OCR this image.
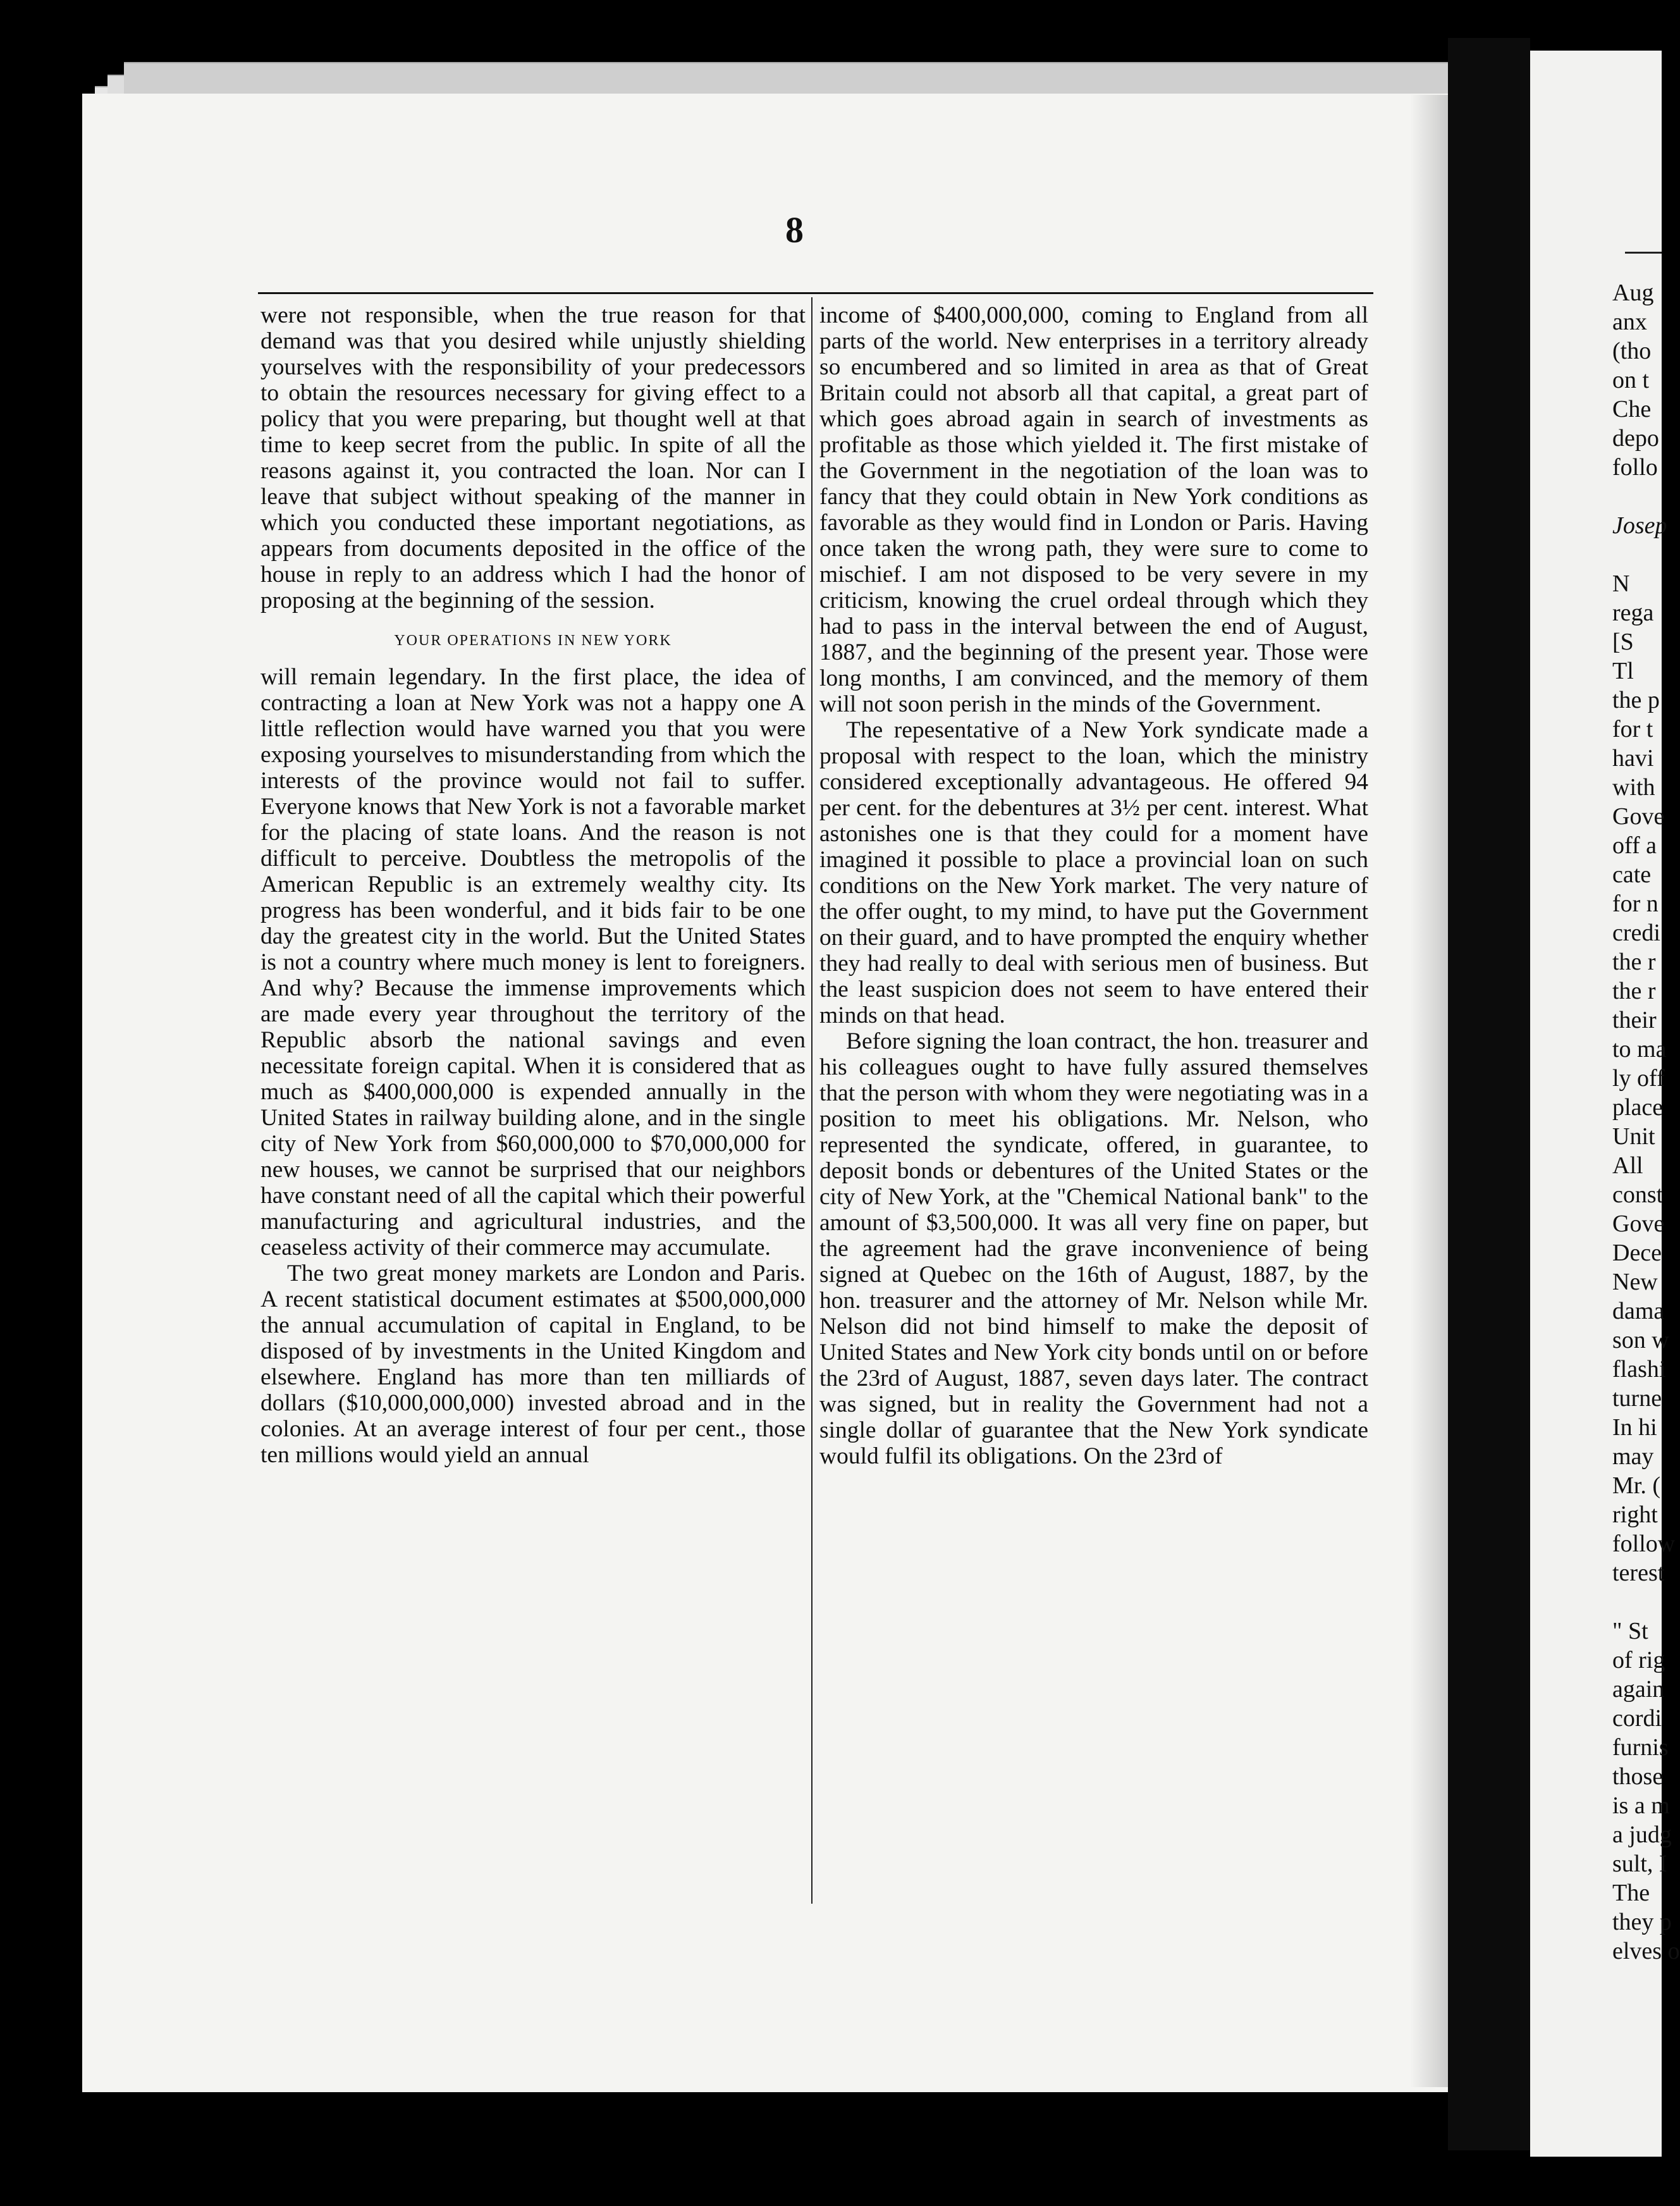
Aug
anx
(tho
on t
Che
depo
follo
Josep
N
rega
[S
Tl
the p
for t
havi
with
Gove
off a
cate
for n
credi
the r
the r
their
to ma
ly off
place
Unit
All
const
Gove
Dece
New
dama
son w
flashi
turne
In hi
may
Mr. (
right
follow
terest
" St
of rig
again
cordi
furnis
those
is a m
a judg
sult, I
The
they p
elves o
8

were not responsible, when the true reason for that demand was that you desired while unjustly shielding yourselves with the responsibility of your predecessors to obtain the resources necessary for giving effect to a policy that you were preparing, but thought well at that time to keep secret from the public. In spite of all the reasons against it, you contracted the loan. Nor can I leave that subject without speaking of the manner in which you conducted these important negotiations, as appears from documents deposited in the office of the house in reply to an address which I had the honor of proposing at the beginning of the session.

YOUR OPERATIONS IN NEW YORK

will remain legendary. In the first place, the idea of contracting a loan at New York was not a happy one A little reflection would have warned you that you were exposing yourselves to misunderstanding from which the interests of the province would not fail to suffer. Everyone knows that New York is not a favorable market for the placing of state loans. And the reason is not difficult to perceive. Doubtless the metropolis of the American Republic is an extremely wealthy city. Its progress has been wonderful, and it bids fair to be one day the greatest city in the world. But the United States is not a country where much money is lent to foreigners. And why? Because the immense improvements which are made every year throughout the territory of the Republic absorb the national savings and even necessitate foreign capital. When it is considered that as much as $400,000,000 is expended annually in the United States in railway building alone, and in the single city of New York from $60,000,000 to $70,000,000 for new houses, we cannot be surprised that our neighbors have constant need of all the capital which their powerful manufacturing and agricultural industries, and the ceaseless activity of their commerce may accumulate.

The two great money markets are London and Paris. A recent statistical document estimates at $500,000,000 the annual accumulation of capital in England, to be disposed of by investments in the United Kingdom and elsewhere. England has more than ten milliards of dollars ($10,000,000,000) invested abroad and in the colonies. At an average interest of four per cent., those ten millions would yield an annual

income of $400,000,000, coming to England from all parts of the world. New enterprises in a territory already so encumbered and so limited in area as that of Great Britain could not absorb all that capital, a great part of which goes abroad again in search of investments as profitable as those which yielded it. The first mistake of the Government in the negotiation of the loan was to fancy that they could obtain in New York conditions as favorable as they would find in London or Paris. Having once taken the wrong path, they were sure to come to mischief. I am not disposed to be very severe in my criticism, knowing the cruel ordeal through which they had to pass in the interval between the end of August, 1887, and the beginning of the present year. Those were long months, I am convinced, and the memory of them will not soon perish in the minds of the Government.

The repesentative of a New York syndicate made a proposal with respect to the loan, which the ministry considered exceptionally advantageous. He offered 94 per cent. for the debentures at 3½ per cent. interest. What astonishes one is that they could for a moment have imagined it possible to place a provincial loan on such conditions on the New York market. The very nature of the offer ought, to my mind, to have put the Government on their guard, and to have prompted the enquiry whether they had really to deal with serious men of business. But the least suspicion does not seem to have entered their minds on that head.

Before signing the loan contract, the hon. treasurer and his colleagues ought to have fully assured themselves that the person with whom they were negotiating was in a position to meet his obligations. Mr. Nelson, who represented the syndicate, offered, in guarantee, to deposit bonds or debentures of the United States or the city of New York, at the "Chemical National bank" to the amount of $3,500,000. It was all very fine on paper, but the agreement had the grave inconvenience of being signed at Quebec on the 16th of August, 1887, by the hon. treasurer and the attorney of Mr. Nelson while Mr. Nelson did not bind himself to make the deposit of United States and New York city bonds until on or before the 23rd of August, 1887, seven days later. The contract was signed, but in reality the Government had not a single dollar of guarantee that the New York syndicate would fulfil its obligations. On the 23rd of
